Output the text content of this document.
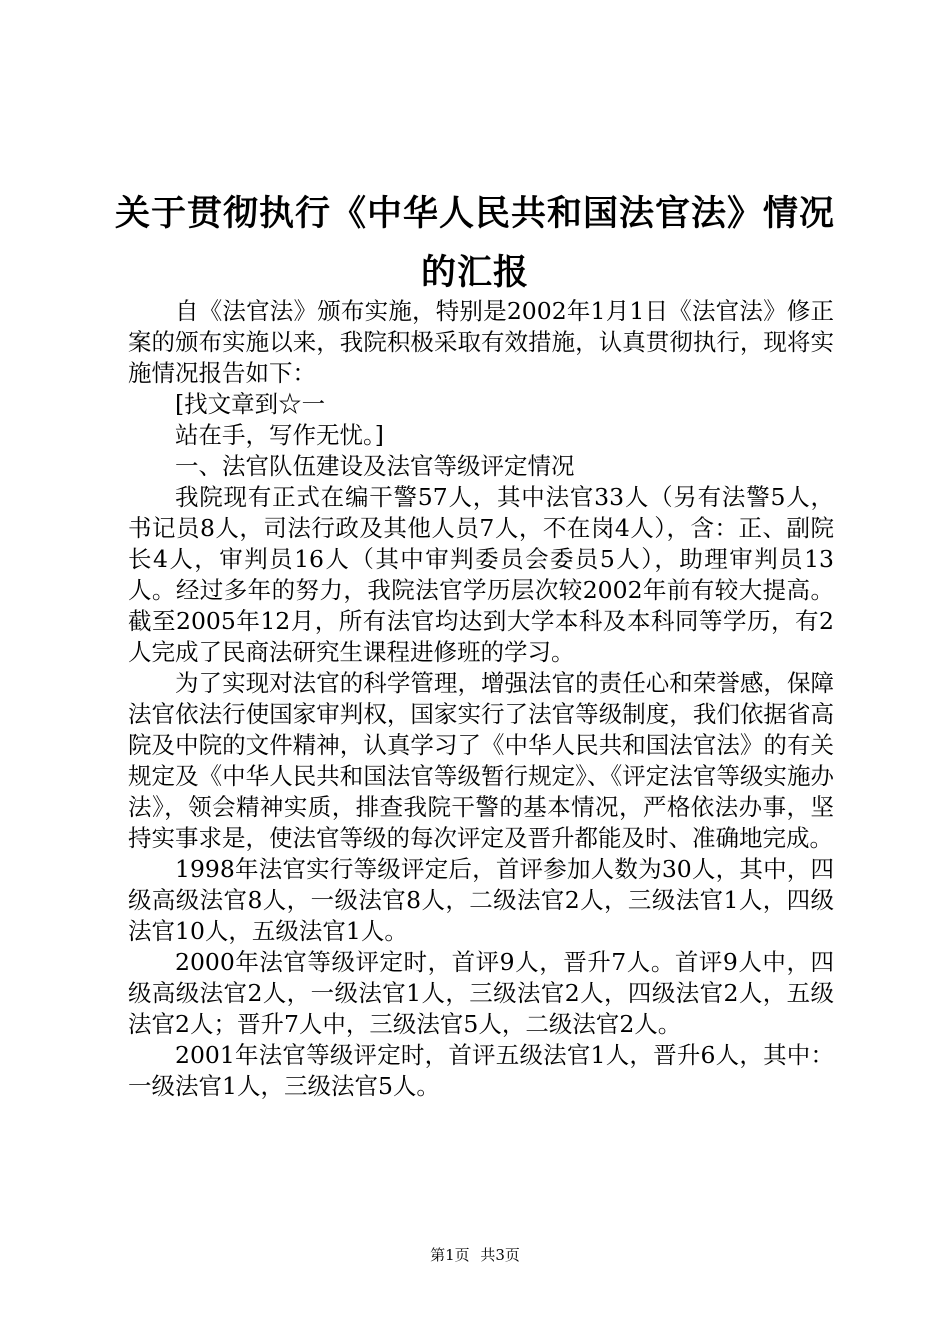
关于贯彻执行《中华人民共和国法官法》情况
的汇报

自《法官法》颁布实施，特别是2002年1月1日《法官法》修正案的颁布实施以来，我院积极采取有效措施，认真贯彻执行，现将实施情况报告如下：

[找文章到☆一

站在手，写作无忧。]

一、法官队伍建设及法官等级评定情况

我院现有正式在编干警57人，其中法官33人（另有法警5人，书记员8人，司法行政及其他人员7人，不在岗4人），含：正、副院长4人，审判员16人（其中审判委员会委员5人），助理审判员13人。经过多年的努力，我院法官学历层次较2002年前有较大提高。截至2005年12月，所有法官均达到大学本科及本科同等学历，有2人完成了民商法研究生课程进修班的学习。

为了实现对法官的科学管理，增强法官的责任心和荣誉感，保障法官依法行使国家审判权，国家实行了法官等级制度，我们依据省高院及中院的文件精神，认真学习了《中华人民共和国法官法》的有关规定及《中华人民共和国法官等级暂行规定》、《评定法官等级实施办法》，领会精神实质，排查我院干警的基本情况，严格依法办事，坚持实事求是，使法官等级的每次评定及晋升都能及时、准确地完成。

1998年法官实行等级评定后，首评参加人数为30人，其中，四级高级法官8人，一级法官8人，二级法官2人，三级法官1人，四级法官10人，五级法官1人。

2000年法官等级评定时，首评9人，晋升7人。首评9人中，四级高级法官2人，一级法官1人，三级法官2人，四级法官2人，五级法官2人；晋升7人中，三级法官5人，二级法官2人。

2001年法官等级评定时，首评五级法官1人，晋升6人，其中：一级法官1人，三级法官5人。

第1页 共3页
